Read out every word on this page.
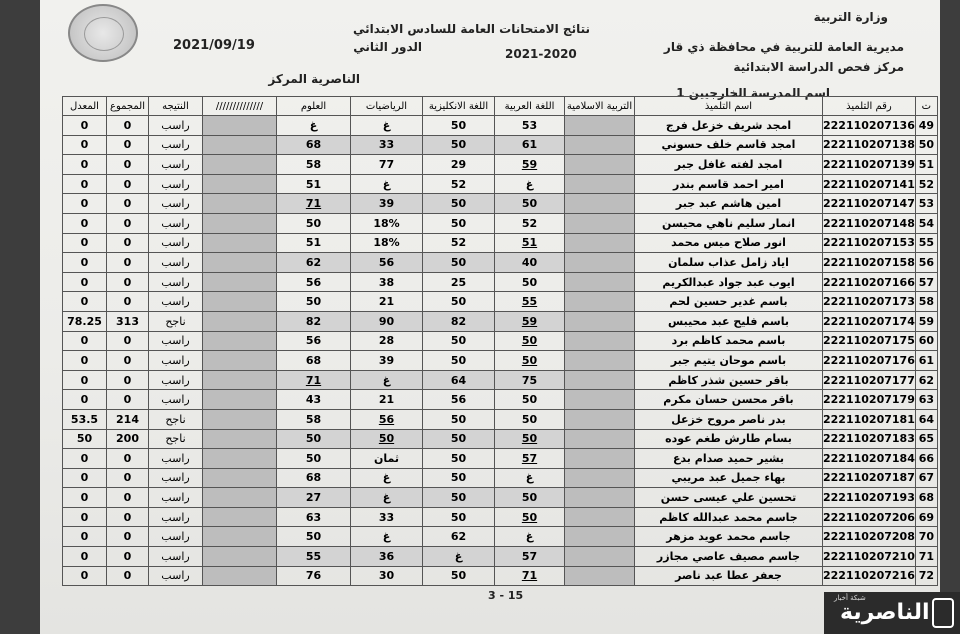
وزارة التربية
مديرية العامة للتربية في محافظة ذي قار
مركز فحص الدراسة الابتدائية
نتائج الامتحانات العامة للسادس الابتدائي
2021-2020
الدور الثاني
2021/09/19
اسم المدرسة الخارجيين 1
الناصرية المركز
ت	رقم التلميذ	اسم التلميذ	التربية الاسلامية	اللغة العربية	اللغة الانكليزية	الرياضيات	العلوم	//////////////	النتيجه	المجموع	المعدل
49	222110207136	امجد شريف خزعل فرج		53	50	غ	غ		راسب	0	0
50	222110207138	امجد قاسم خلف حسوني		61	50	33	68		راسب	0	0
51	222110207139	امجد لفته غافل جبر		59	29	77	58		راسب	0	0
52	222110207141	امير احمد قاسم بندر		غ	52	غ	51		راسب	0	0
53	222110207147	امين هاشم عبد جبر		50	50	39	71		راسب	0	0
54	222110207148	انمار سليم ناهي محيسن		52	50	18%	50		راسب	0	0
55	222110207153	انور صلاح ميس محمد		51	52	18%	51		راسب	0	0
56	222110207158	اياد زامل عذاب سلمان		40	50	56	62		راسب	0	0
57	222110207166	ايوب عبد جواد عبدالكريم		50	25	38	56		راسب	0	0
58	222110207173	باسم غدير حسين لحم		55	50	21	50		راسب	0	0
59	222110207174	باسم فليح عبد محيبس		59	82	90	82		ناجح	313	78.25
60	222110207175	باسم محمد كاظم برد		50	50	28	56		راسب	0	0
61	222110207176	باسم موحان يتيم جبر		50	50	39	68		راسب	0	0
62	222110207177	باقر حسين شذر كاظم		75	64	غ	71		راسب	0	0
63	222110207179	باقر محسن حسان مكرم		50	56	21	43		راسب	0	0
64	222110207181	بدر ناصر مروح خزعل		50	50	56	58		ناجح	214	53.5
65	222110207183	بسام طارش طغم عوده		50	50	50	50		ناجح	200	50
66	222110207184	بشير حميد صدام بدع		57	50	ثمان	50		راسب	0	0
67	222110207187	بهاء جميل عبد مريبي		غ	50	غ	68		راسب	0	0
68	222110207193	تحسين علي عيسى حسن		50	50	غ	27		راسب	0	0
69	222110207206	جاسم محمد عبدالله كاظم		50	50	33	63		راسب	0	0
70	222110207208	جاسم محمد عويد مزهر		غ	62	غ	50		راسب	0	0
71	222110207210	جاسم مصيف عاصي مجازر		57	غ	36	55		راسب	0	0
72	222110207216	جعفر عطا عبد ناصر		71	50	30	76		راسب	0	0
3 - 15	شبكة أخبار
الناصرية
